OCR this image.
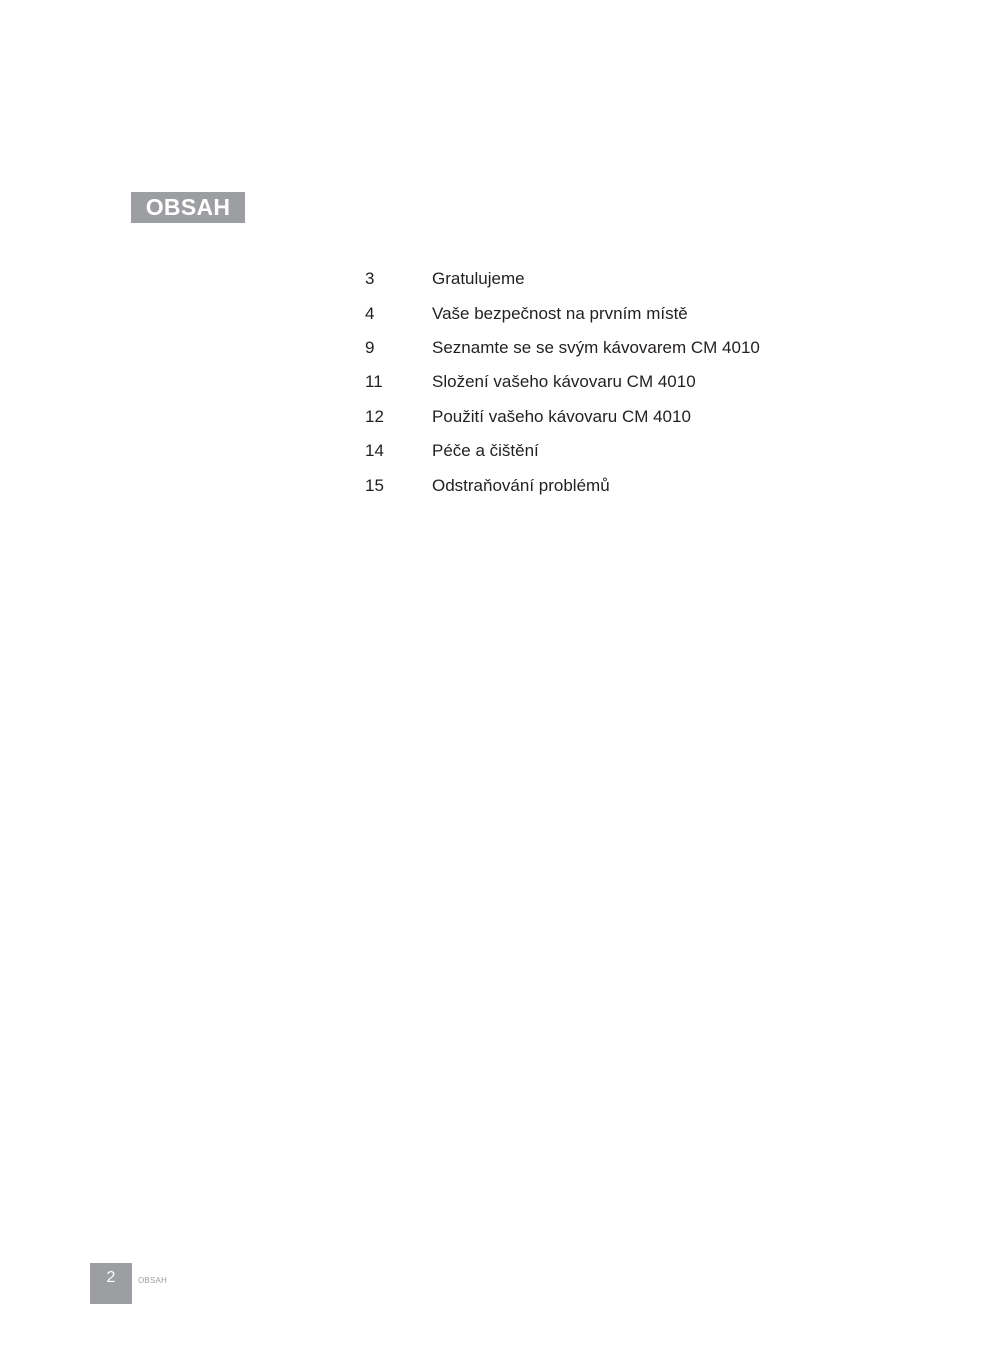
OBSAH
3	Gratulujeme
4	Vaše bezpečnost na prvním místě
9	Seznamte se se svým kávovarem CM 4010
11	Složení vašeho kávovaru CM 4010
12	Použití vašeho kávovaru CM 4010
14	Péče a čištění
15	Odstraňování problémů
2	OBSAH
